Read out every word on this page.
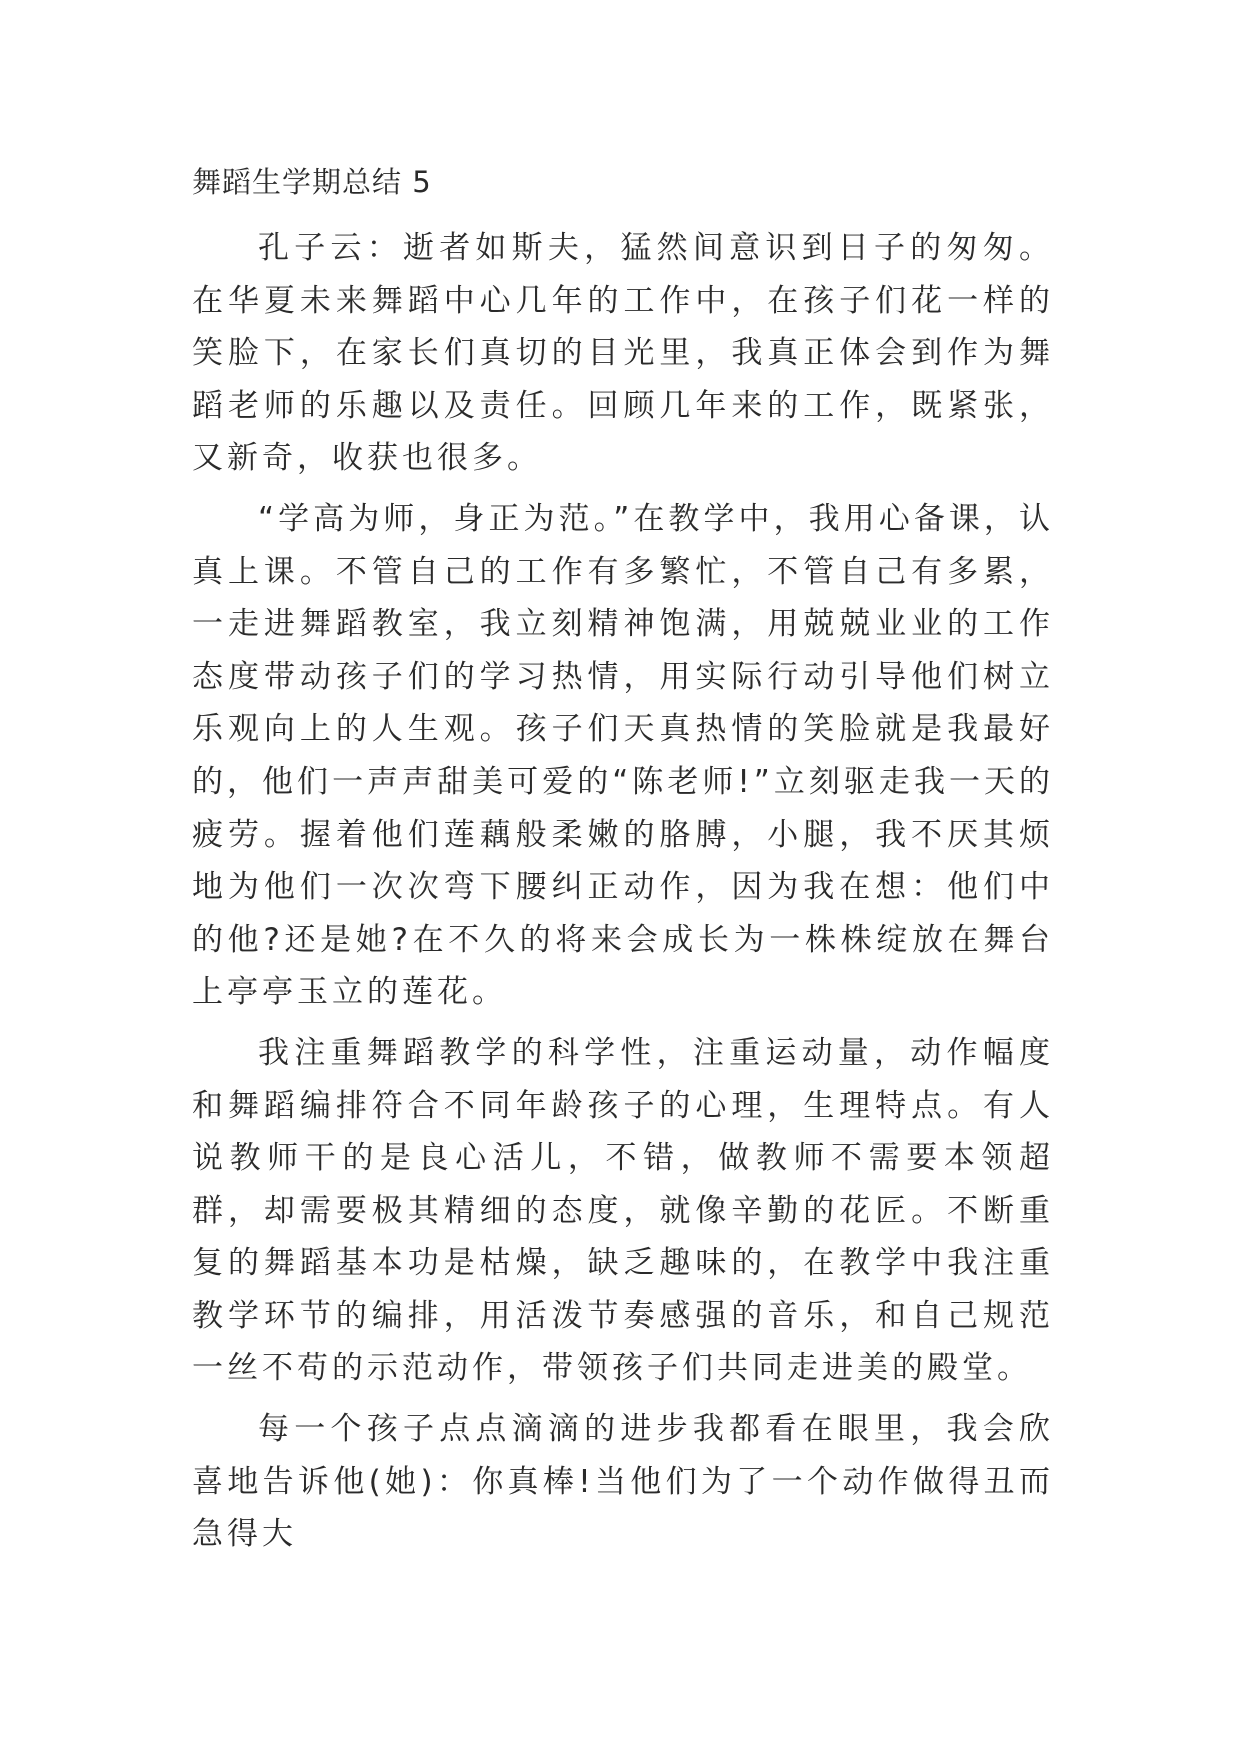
舞蹈生学期总结 5

孔子云：逝者如斯夫，猛然间意识到日子的匆匆。在华夏未来舞蹈中心几年的工作中，在孩子们花一样的笑脸下，在家长们真切的目光里，我真正体会到作为舞蹈老师的乐趣以及责任。回顾几年来的工作，既紧张，又新奇，收获也很多。

“学高为师，身正为范。”在教学中，我用心备课，认真上课。不管自己的工作有多繁忙，不管自己有多累，一走进舞蹈教室，我立刻精神饱满，用兢兢业业的工作态度带动孩子们的学习热情，用实际行动引导他们树立乐观向上的人生观。孩子们天真热情的笑脸就是我最好的，他们一声声甜美可爱的“陈老师!”立刻驱走我一天的疲劳。握着他们莲藕般柔嫩的胳膊，小腿，我不厌其烦地为他们一次次弯下腰纠正动作，因为我在想：他们中的他?还是她?在不久的将来会成长为一株株绽放在舞台上亭亭玉立的莲花。

我注重舞蹈教学的科学性，注重运动量，动作幅度和舞蹈编排符合不同年龄孩子的心理，生理特点。有人说教师干的是良心活儿，不错，做教师不需要本领超群，却需要极其精细的态度，就像辛勤的花匠。不断重复的舞蹈基本功是枯燥，缺乏趣味的，在教学中我注重教学环节的编排，用活泼节奏感强的音乐，和自己规范一丝不苟的示范动作，带领孩子们共同走进美的殿堂。

每一个孩子点点滴滴的进步我都看在眼里，我会欣喜地告诉他(她)：你真棒!当他们为了一个动作做得丑而急得大
